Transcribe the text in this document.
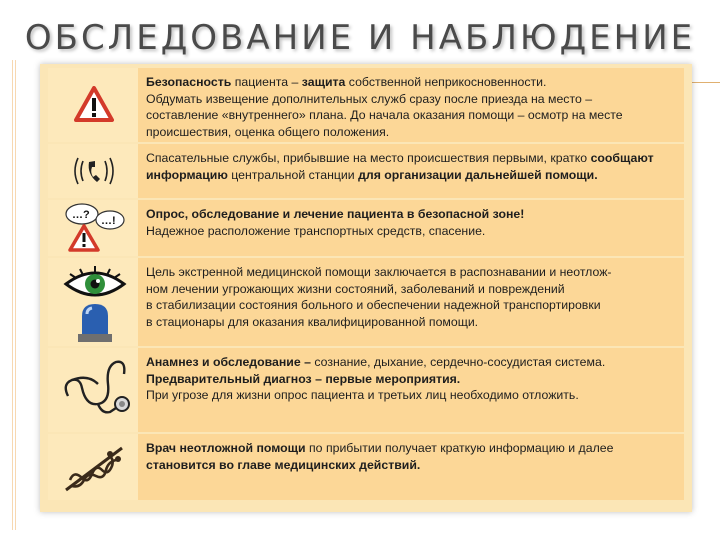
ОБСЛЕДОВАНИЕ И НАБЛЮДЕНИЕ

Безопасность пациента – защита собственной неприкосновенности.

Обдумать извещение дополнительных служб сразу после приезда на место –

составление «внутреннего» плана. До начала оказания помощи – осмотр на месте

происшествия, оценка общего положения.

Спасательные службы, прибывшие на место происшествия первыми, кратко сообщают

информацию центральной станции для организации дальнейшей помощи.

…? …! Опрос, обследование и лечение пациента в безопасной зоне!

Надежное расположение транспортных средств, спасение.

Цель экстренной медицинской помощи заключается в распознавании и неотлож-

ном лечении угрожающих жизни состояний, заболеваний и повреждений

в стабилизации состояния больного и обеспечении надежной транспортировки

в стационары для оказания квалифицированной помощи.

Анамнез и обследование – сознание, дыхание, сердечно-сосудистая система.

Предварительный диагноз – первые мероприятия.

При угрозе для жизни опрос пациента и третьих лиц необходимо отложить.

Врач неотложной помощи по прибытии получает краткую информацию и далее

становится во главе медицинских действий.
